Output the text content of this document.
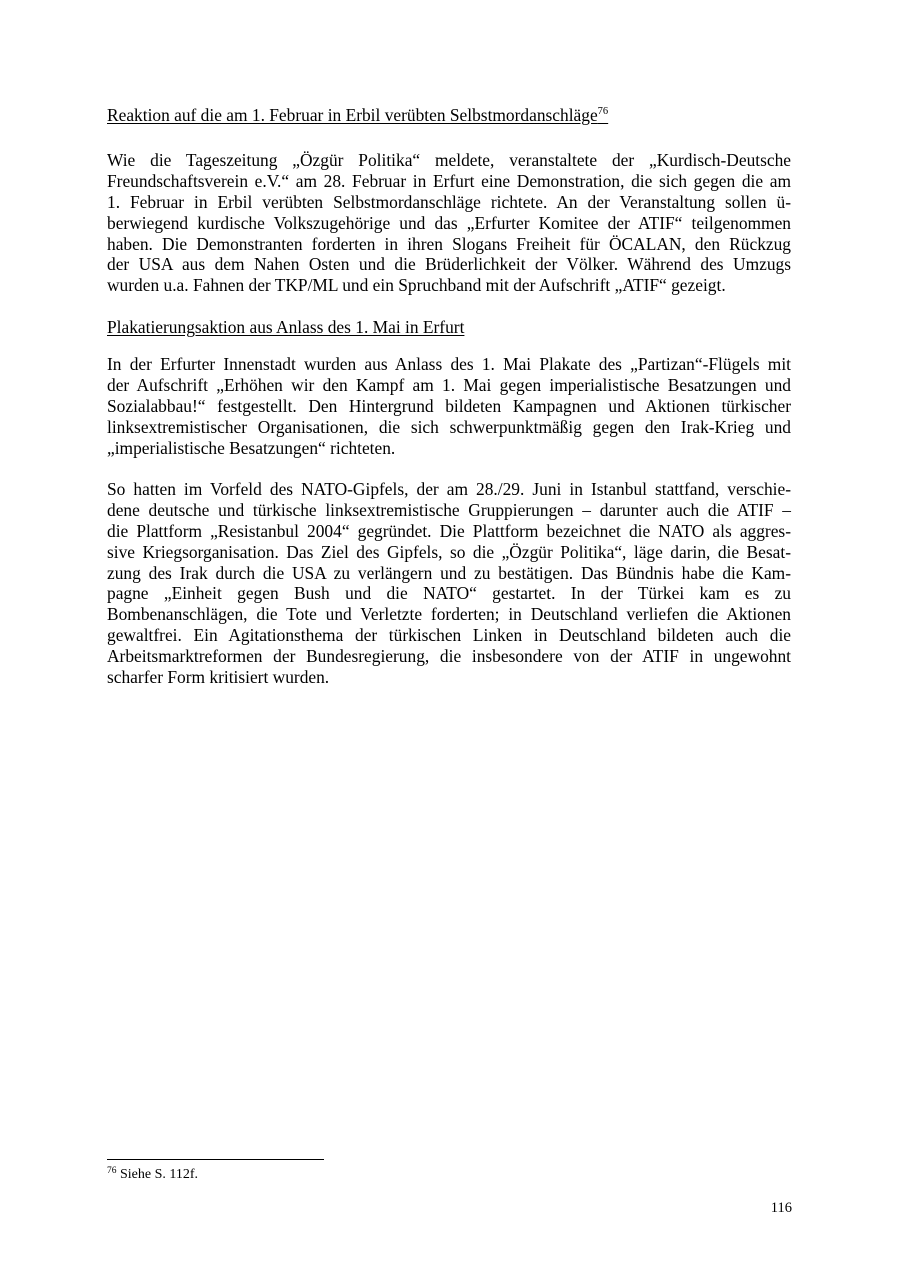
Reaktion auf die am 1. Februar in Erbil verübten Selbstmordanschläge$^{76}$
Wie die Tageszeitung „Özgür Politika“ meldete, veranstaltete der „Kurdisch-Deutsche
Freundschaftsverein e.V.“ am 28. Februar in Erfurt eine Demonstration, die sich gegen die am
1. Februar in Erbil verübten Selbstmordanschläge richtete. An der Veranstaltung sollen ü-
berwiegend kurdische Volkszugehörige und das „Erfurter Komitee der ATIF“ teilgenommen
haben. Die Demonstranten forderten in ihren Slogans Freiheit für ÖCALAN, den Rückzug
der USA aus dem Nahen Osten und die Brüderlichkeit der Völker. Während des Umzugs
wurden u.a. Fahnen der TKP/ML und ein Spruchband mit der Aufschrift „ATIF“ gezeigt.
Plakatierungsaktion aus Anlass des 1. Mai in Erfurt
In der Erfurter Innenstadt wurden aus Anlass des 1. Mai Plakate des „Partizan“-Flügels mit
der Aufschrift „Erhöhen wir den Kampf am 1. Mai gegen imperialistische Besatzungen und
Sozialabbau!“ festgestellt. Den Hintergrund bildeten Kampagnen und Aktionen türkischer
linksextremistischer Organisationen, die sich schwerpunktmäßig gegen den Irak-Krieg und
„imperialistische Besatzungen“ richteten.
So hatten im Vorfeld des NATO-Gipfels, der am 28./29. Juni in Istanbul stattfand, verschie-
dene deutsche und türkische linksextremistische Gruppierungen – darunter auch die ATIF –
die Plattform „Resistanbul 2004“ gegründet. Die Plattform bezeichnet die NATO als aggres-
sive Kriegsorganisation. Das Ziel des Gipfels, so die „Özgür Politika“, läge darin, die Besat-
zung des Irak durch die USA zu verlängern und zu bestätigen. Das Bündnis habe die Kam-
pagne „Einheit gegen Bush und die NATO“ gestartet. In der Türkei kam es zu
Bombenanschlägen, die Tote und Verletzte forderten; in Deutschland verliefen die Aktionen
gewaltfrei. Ein Agitationsthema der türkischen Linken in Deutschland bildeten auch die
Arbeitsmarktreformen der Bundesregierung, die insbesondere von der ATIF in ungewohnt
scharfer Form kritisiert wurden.
$^{76}$ Siehe S. 112f.
116
